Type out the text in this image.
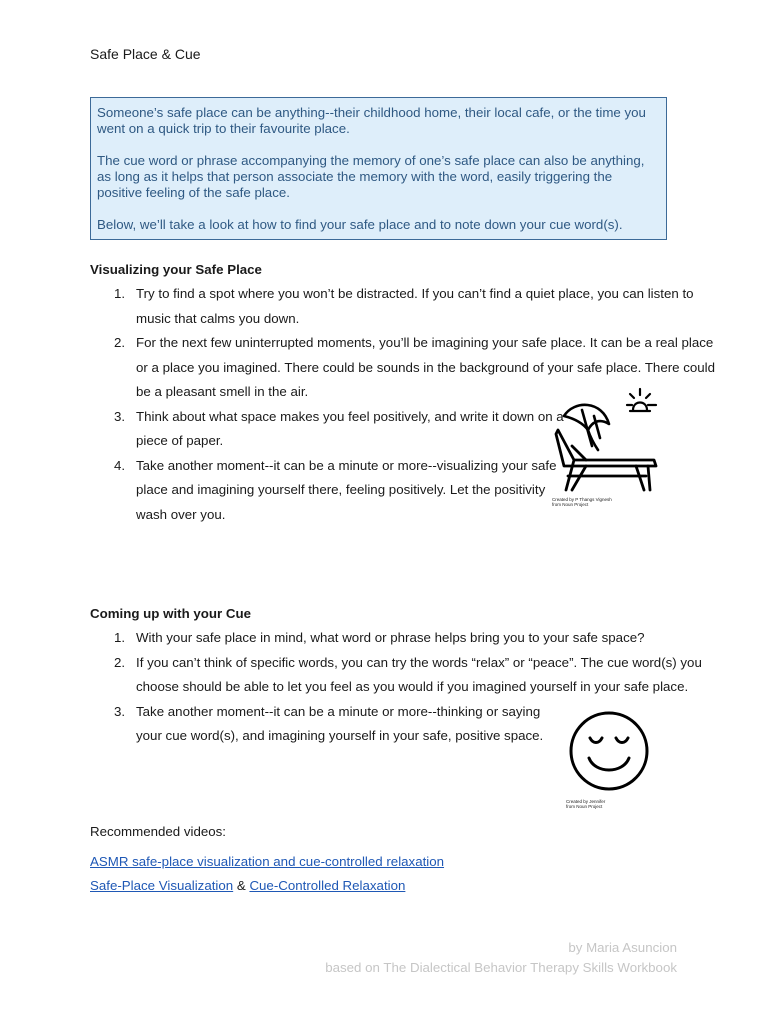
Safe Place & Cue

Someone’s safe place can be anything--their childhood home, their local cafe, or the time you went on a quick trip to their favourite place.

The cue word or phrase accompanying the memory of one’s safe place can also be anything, as long as it helps that person associate the memory with the word, easily triggering the positive feeling of the safe place.

Below, we’ll take a look at how to find your safe place and to note down your cue word(s).

Visualizing your Safe Place
Try to find a spot where you won’t be distracted. If you can’t find a quiet place, you can listen to music that calms you down.
For the next few uninterrupted moments, you’ll be imagining your safe place. It can be a real place or a place you imagined. There could be sounds in the background of your safe place. There could be a pleasant smell in the air.
Think about what space makes you feel positively, and write it down on a piece of paper.
Take another moment--it can be a minute or more--visualizing your safe place and imagining yourself there, feeling positively. Let the positivity wash over you.
Created by P Thangs Vignesh
from Noun Project
Coming up with your Cue
With your safe place in mind, what word or phrase helps bring you to your safe space?
If you can’t think of specific words, you can try the words “relax” or “peace”. The cue word(s) you choose should be able to let you feel as you would if you imagined yourself in your safe place.
Take another moment--it can be a minute or more--thinking or saying your cue word(s), and imagining yourself in your safe, positive space.
Created by Jennifer
from Noun Project
Recommended videos:
ASMR safe-place visualization and cue-controlled relaxation
Safe-Place Visualization & Cue-Controlled Relaxation
by Maria Asuncion
based on The Dialectical Behavior Therapy Skills Workbook
